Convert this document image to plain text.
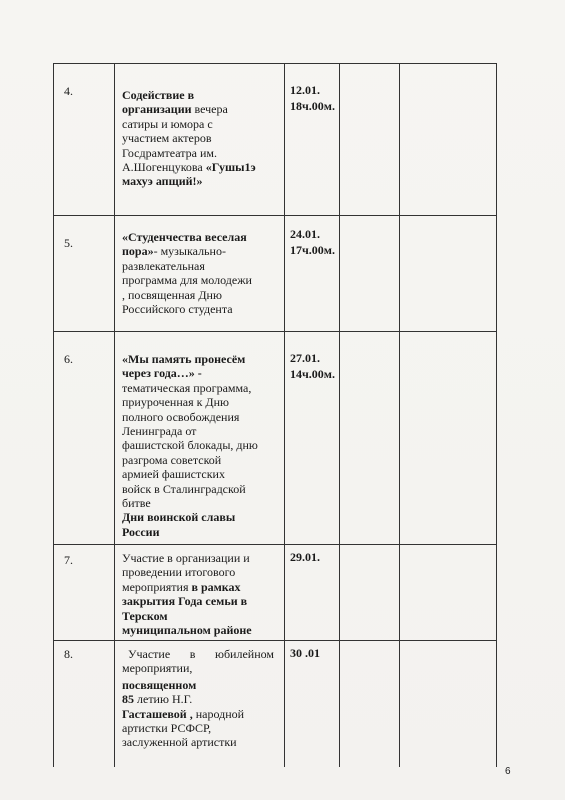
4.	Содействие в
организации вечера
сатиры и юмора с
участием актеров
Госдрамтеатра им.
А.Шогенцукова «Гушы1э
махуэ апщий!»
12.01.
18ч.00м.
5.	«Студенчества веселая
пора»- музыкально-
развлекательная
программа для молодежи
, посвященная Дню
Российского студента
24.01.
17ч.00м.
6.	«Мы память пронесём
через года…» -
тематическая программа,
приуроченная к Дню
полного освобождения
Ленинграда от
фашистской блокады, дню
разгрома советской
армией фашистских
войск в Сталинградской
битве
Дни воинской славы
России
27.01.
14ч.00м.
7.	Участие в организации и
проведении итогового
мероприятия в рамках
закрытия Года семьи в
Терском
муниципальном районе
29.01.
8.	Участие в юбилейном
мероприятии,
посвященном
85 летию Н.Г.
Гасташевой , народной
артистки РСФСР,
заслуженной артистки
30 .01
6
